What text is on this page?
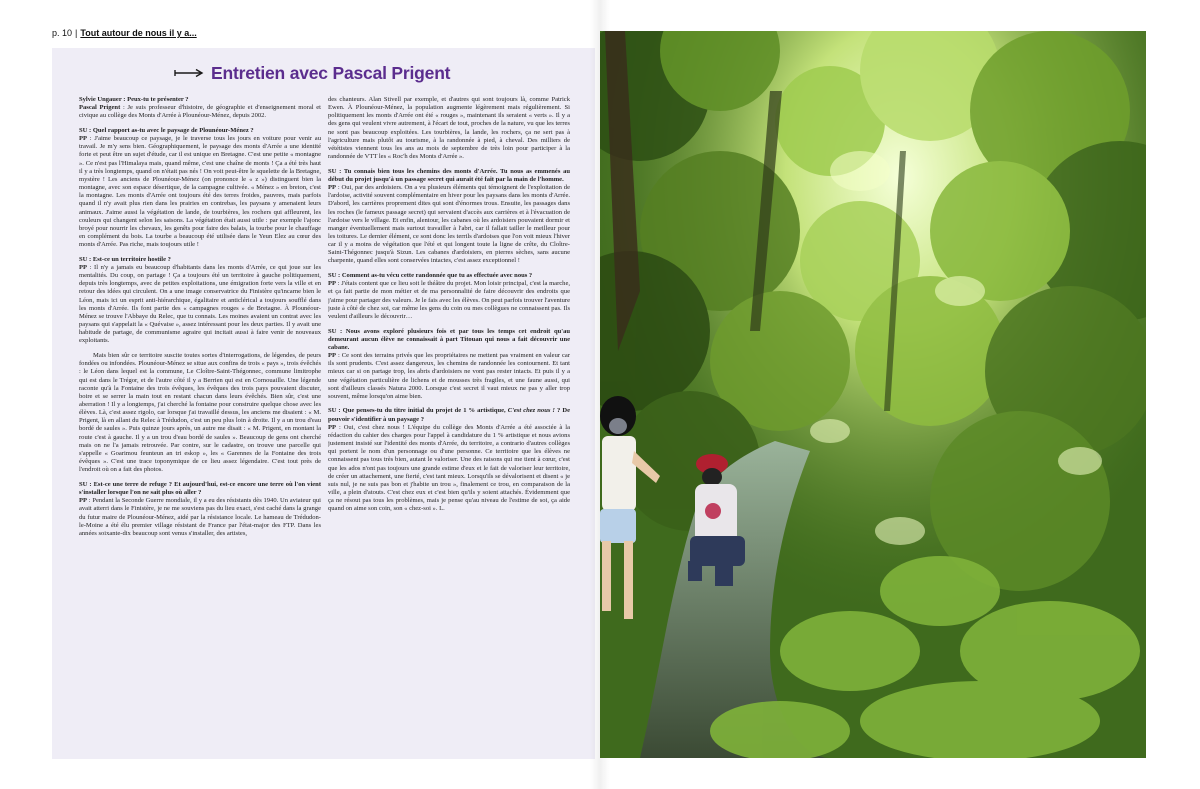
p. 10 | Tout autour de nous il y a...
Entretien avec Pascal Prigent

Sylvie Ungauer : Peux-tu te présenter ?
Pascal Prigent : Je suis professeur d'histoire, de géographie et d'enseignement moral et civique au collège des Monts d'Arrée à Plounéour-Ménez, depuis 2002.

SU : Quel rapport as-tu avec le paysage de Plounéour-Ménez ?
PP : J'aime beaucoup ce paysage, je le traverse tous les jours en voiture pour venir au travail. Je m'y sens bien. Géographiquement, le paysage des monts d'Arrée a une identité forte et peut être un sujet d'étude, car il est unique en Bretagne. C'est une petite « montagne ». Ce n'est pas l'Himalaya mais, quand même, c'est une chaîne de monts ! Ça a été très haut il y a très longtemps, quand on n'était pas nés ! On voit peut-être le squelette de la Bretagne, mystère ! Les anciens de Plounéour-Ménez (on prononce le « z ») distinguent bien la montagne, avec son espace désertique, de la campagne cultivée. « Ménez » en breton, c'est la montagne. Les monts d'Arrée ont toujours été des terres froides, pauvres, mais parfois quand il n'y avait plus rien dans les prairies en contrebas, les paysans y amenaient leurs animaux. J'aime aussi la végétation de lande, de tourbières, les rochers qui affleurent, les couleurs qui changent selon les saisons. La végétation était aussi utile : par exemple l'ajonc broyé pour nourrir les chevaux, les genêts pour faire des balais, la tourbe pour le chauffage en complément du bois. La tourbe a beaucoup été utilisée dans le Yeun Elez au cœur des monts d'Arrée. Pas riche, mais toujours utile !

SU : Est-ce un territoire hostile ?
PP : Il n'y a jamais eu beaucoup d'habitants dans les monts d'Arrée, ce qui joue sur les mentalités. Du coup, on partage ! Ça a toujours été un territoire à gauche politiquement, depuis très longtemps, avec de petites exploitations, une émigration forte vers la ville et en retour des idées qui circulent. On a une image conservatrice du Finistère qu'incarne bien le Léon, mais ici un esprit anti-hiérarchique, égalitaire et anticlérical a toujours soufflé dans les monts d'Arrée. Ils font partie des « campagnes rouges » de Bretagne. À Plounéour-Ménez se trouve l'Abbaye du Relec, que tu connais. Les moines avaient un contrat avec les paysans qui s'appelait la « Quévaise », assez intéressant pour les deux parties. Il y avait une habitude de partage, de communisme agraire qui incitait aussi à faire venir de nouveaux exploitants.

Mais bien sûr ce territoire suscite toutes sortes d'interrogations, de légendes, de peurs fondées ou infondées. Plounéour-Ménez se situe aux confins de trois « pays », trois évêchés : le Léon dans lequel est la commune, Le Cloître-Saint-Thégonnec, commune limitrophe qui est dans le Trégor, et de l'autre côté il y a Berrien qui est en Cornouaille. Une légende raconte qu'à la Fontaine des trois évêques, les évêques des trois pays pouvaient discuter, boire et se serrer la main tout en restant chacun dans leurs évêchés. Bien sûr, c'est une aberration ! Il y a longtemps, j'ai cherché la fontaine pour construire quelque chose avec les élèves. Là, c'est assez rigolo, car lorsque j'ai travaillé dessus, les anciens me disaient : « M. Prigent, là en allant du Relec à Trédudon, c'est un peu plus loin à droite. Il y a un trou d'eau bordé de saules ». Puis quinze jours après, un autre me disait : « M. Prigent, en montant la route c'est à gauche. Il y a un trou d'eau bordé de saules ». Beaucoup de gens ont cherché mais on ne l'a jamais retrouvée. Par contre, sur le cadastre, on trouve une parcelle qui s'appelle « Goarimou feunteun an tri eskop », les « Garennes de la Fontaine des trois évêques ». C'est une trace toponymique de ce lieu assez légendaire. C'est tout près de l'endroit où on a fait des photos.

SU : Est-ce une terre de refuge ? Et aujourd'hui, est-ce encore une terre où l'on vient s'installer lorsque l'on ne sait plus où aller ?
PP : Pendant la Seconde Guerre mondiale, il y a eu des résistants dès 1940. Un aviateur qui avait atterri dans le Finistère, je ne me souviens pas du lieu exact, s'est caché dans la grange du futur maire de Plounéour-Ménez, aidé par la résistance locale. Le hameau de Trédudon-le-Moine a été élu premier village résistant de France par l'état-major des FTP. Dans les années soixante-dix beaucoup sont venus s'installer, des artistes,

des chanteurs. Alan Stivell par exemple, et d'autres qui sont toujours là, comme Patrick Ewen. À Plounéour-Ménez, la population augmente légèrement mais régulièrement. Si politiquement les monts d'Arrée ont été « rouges », maintenant ils seraient « verts ». Il y a des gens qui veulent vivre autrement, à l'écart de tout, proches de la nature, vu que les terres ne sont pas beaucoup exploitées. Les tourbières, la lande, les rochers, ça ne sert pas à l'agriculture mais plutôt au tourisme, à la randonnée à pied, à cheval. Des milliers de vététistes viennent tous les ans au mois de septembre de très loin pour participer à la randonnée de VTT les « Roc'h des Monts d'Arrée ».

SU : Tu connais bien tous les chemins des monts d'Arrée. Tu nous as emmenés au début du projet jusqu'à un passage secret qui aurait été fait par la main de l'homme.
PP : Oui, par des ardoisiers. On a vu plusieurs éléments qui témoignent de l'exploitation de l'ardoise, activité souvent complémentaire en hiver pour les paysans dans les monts d'Arrée. D'abord, les carrières proprement dites qui sont d'énormes trous. Ensuite, les passages dans les roches (le fameux passage secret) qui servaient d'accès aux carrières et à l'évacuation de l'ardoise vers le village. Et enfin, alentour, les cabanes où les ardoisiers pouvaient dormir et manger éventuellement mais surtout travailler à l'abri, car il fallait tailler le meilleur pour les toitures. Le dernier élément, ce sont donc les terrils d'ardoises que l'on voit mieux l'hiver car il y a moins de végétation que l'été et qui longent toute la ligne de crête, du Cloître-Saint-Thégonnec jusqu'à Sizun. Les cabanes d'ardoisiers, en pierres sèches, sans aucune charpente, quand elles sont conservées intactes, c'est assez exceptionnel !

SU : Comment as-tu vécu cette randonnée que tu as effectuée avec nous ?
PP : J'étais content que ce lieu soit le théâtre du projet. Mon loisir principal, c'est la marche, et ça fait partie de mon métier et de ma personnalité de faire découvrir des endroits que j'aime pour partager des valeurs. Je le fais avec les élèves. On peut parfois trouver l'aventure juste à côté de chez soi, car même les gens du coin ou mes collègues ne connaissent pas. Ils veulent d'ailleurs le découvrir…

SU : Nous avons exploré plusieurs fois et par tous les temps cet endroit qu'au demeurant aucun élève ne connaissait à part Titouan qui nous a fait découvrir une cabane.
PP : Ce sont des terrains privés que les propriétaires ne mettent pas vraiment en valeur car ils sont prudents. C'est assez dangereux, les chemins de randonnée les contournent. Et tant mieux car si on partage trop, les abris d'ardoisiers ne vont pas rester intacts. Et puis il y a une végétation particulière de lichens et de mousses très fragiles, et une faune aussi, qui sont d'ailleurs classés Natura 2000. Lorsque c'est secret il vaut mieux ne pas y aller trop souvent, même lorsqu'on aime bien.

SU : Que penses-tu du titre initial du projet de 1 % artistique, C'est chez nous ! ? De pouvoir s'identifier à un paysage ?
PP : Oui, c'est chez nous ! L'équipe du collège des Monts d'Arrée a été associée à la rédaction du cahier des charges pour l'appel à candidature du 1 % artistique et nous avions justement insisté sur l'identité des monts d'Arrée, du territoire, a contrario d'autres collèges qui portent le nom d'un personnage ou d'une personne. Ce territoire que les élèves ne connaissent pas tous très bien, autant le valoriser. Une des raisons qui me tient à cœur, c'est que les ados n'ont pas toujours une grande estime d'eux et le fait de valoriser leur territoire, de créer un attachement, une fierté, c'est tant mieux. Lorsqu'ils se dévalorisent et disent « je suis nul, je ne suis pas bon et j'habite un trou », finalement ce trou, en comparaison de la ville, a plein d'atouts. C'est chez eux et c'est bien qu'ils y soient attachés. Évidemment que ça ne résout pas tous les problèmes, mais je pense qu'au niveau de l'estime de soi, ça aide quand on aime son coin, son « chez-soi ». L.
